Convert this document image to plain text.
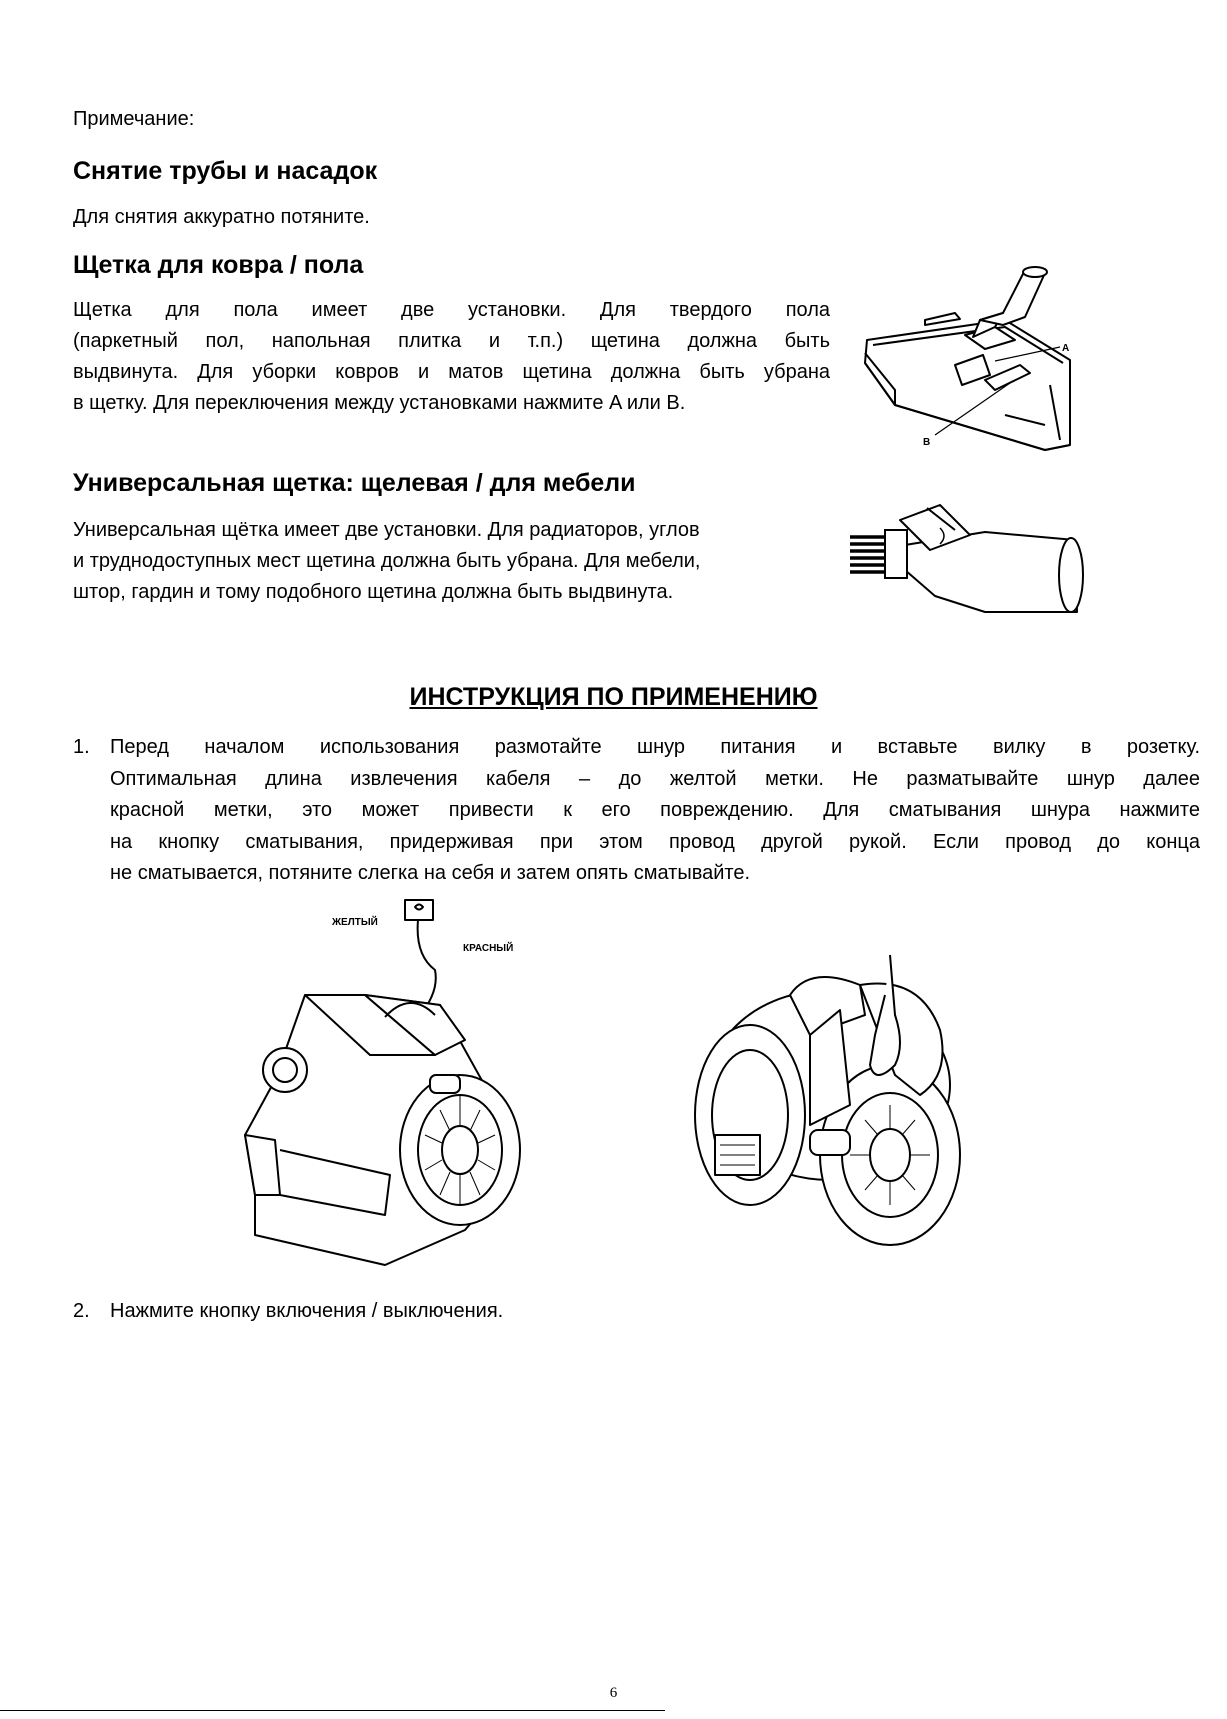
Примечание:
Снятие трубы и насадок
Для снятия аккуратно потяните.
Щетка для ковра / пола
Щетка для пола имеет две установки. Для твердого пола
(паркетный пол, напольная плитка и т.п.) щетина должна быть
выдвинута. Для уборки ковров и матов щетина должна быть убрана
в щетку. Для переключения между установками нажмите A или B.
A
B
Универсальная щетка: щелевая / для мебели
Универсальная щётка имеет две установки. Для радиаторов, углов
и труднодоступных мест щетина должна быть убрана. Для мебели,
штор, гардин и тому подобного щетина должна быть выдвинута.
ИНСТРУКЦИЯ ПО ПРИМЕНЕНИЮ
1. Перед началом использования размотайте шнур питания и вставьте вилку в розетку.
Оптимальная длина извлечения кабеля – до желтой метки. Не разматывайте шнур далее
красной метки, это может привести к его повреждению. Для сматывания шнура нажмите
на кнопку сматывания, придерживая при этом провод другой рукой. Если провод до конца
не сматывается, потяните слегка на себя и затем опять сматывайте.
ЖЕЛТЫЙ
КРАСНЫЙ
2. Нажмите кнопку включения / выключения.
6
